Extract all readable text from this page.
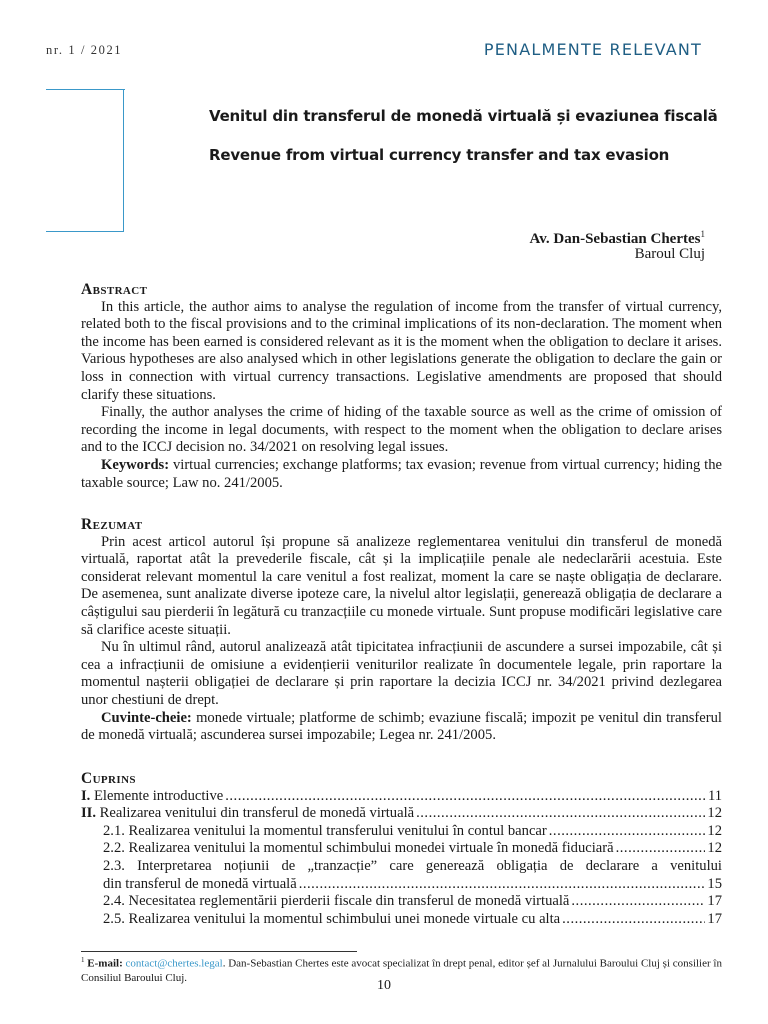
nr. 1 / 2021	PENALMENTE RELEVANT
Venitul din transferul de monedă virtuală și evaziunea fiscală
Revenue from virtual currency transfer and tax evasion
Av. Dan-Sebastian Chertes$^1$
Baroul Cluj
Abstract

In this article, the author aims to analyse the regulation of income from the transfer of virtual currency, related both to the fiscal provisions and to the criminal implications of its non-declaration. The moment when the income has been earned is considered relevant as it is the moment when the obligation to declare it arises. Various hypotheses are also analysed which in other legislations generate the obligation to declare the gain or loss in connection with virtual currency transactions. Legislative amendments are proposed that should clarify these situations.

Finally, the author analyses the crime of hiding of the taxable source as well as the crime of omission of recording the income in legal documents, with respect to the moment when the obligation to declare arises and to the ICCJ decision no. 34/2021 on resolving legal issues.

Keywords: virtual currencies; exchange platforms; tax evasion; revenue from virtual currency; hiding the taxable source; Law no. 241/2005.

Rezumat

Prin acest articol autorul își propune să analizeze reglementarea venitului din transferul de monedă virtuală, raportat atât la prevederile fiscale, cât și la implicațiile penale ale nedeclarării acestuia. Este considerat relevant momentul la care venitul a fost realizat, moment la care se naște obligația de declarare. De asemenea, sunt analizate diverse ipoteze care, la nivelul altor legislații, generează obligația de declarare a câștigului sau pierderii în legătură cu tranzacțiile cu monede virtuale. Sunt propuse modificări legislative care să clarifice aceste situații.

Nu în ultimul rând, autorul analizează atât tipicitatea infracțiunii de ascundere a sursei impozabile, cât și cea a infracțiunii de omisiune a evidențierii veniturilor realizate în documentele legale, prin raportare la momentul nașterii obligației de declarare și prin raportare la decizia ICCJ nr. 34/2021 privind dezlegarea unor chestiuni de drept.

Cuvinte-cheie: monede virtuale; platforme de schimb; evaziune fiscală; impozit pe venitul din transferul de monedă virtuală; ascunderea sursei impozabile; Legea nr. 241/2005.

Cuprins
I. Elemente introductive .....	11
II. Realizarea venitului din transferul de monedă virtuală .....	12
2.1. Realizarea venitului la momentul transferului venitului în contul bancar .....	12
2.2. Realizarea venitului la momentul schimbului monedei virtuale în monedă fiduciară .....	12
2.3. Interpretarea noțiunii de „tranzacție” care generează obligația de declarare a venitului
din transferul de monedă virtuală .....	15
2.4. Necesitatea reglementării pierderii fiscale din transferul de monedă virtuală .....	17
2.5. Realizarea venitului la momentul schimbului unei monede virtuale cu alta .....	17
$^1$ E-mail: contact@chertes.legal. Dan-Sebastian Chertes este avocat specializat în drept penal, editor șef al Jurnalului Baroului Cluj și consilier în Consiliul Baroului Cluj.
10
